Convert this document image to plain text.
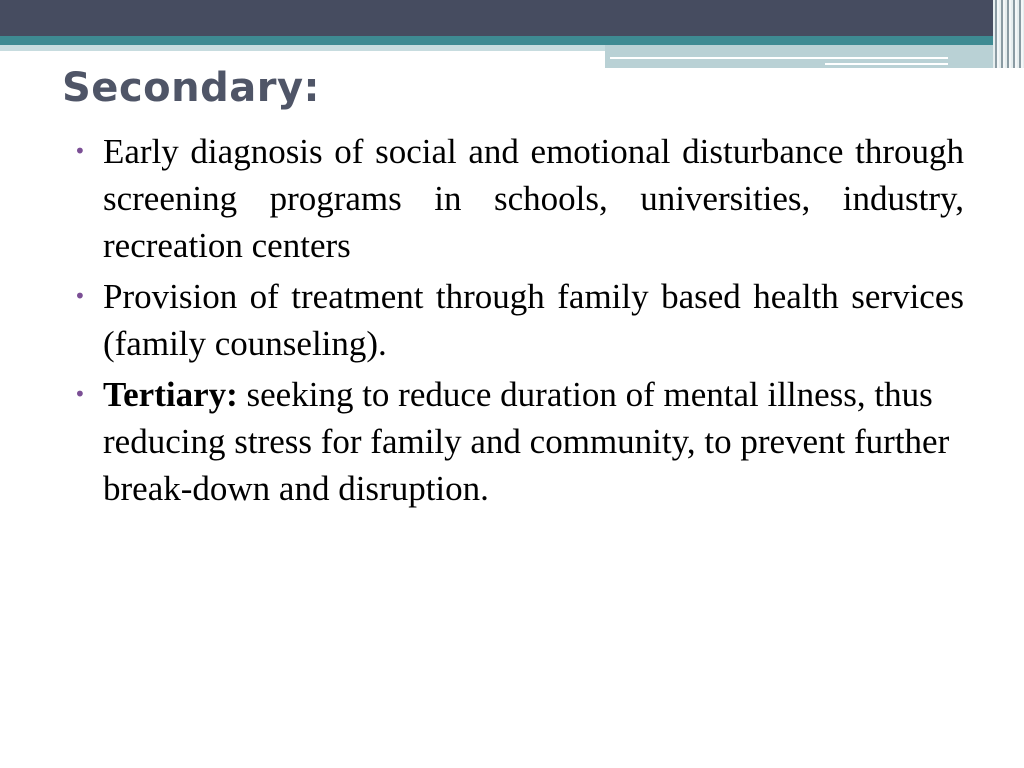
Secondary:
• Early diagnosis of social and emotional disturbance through screening programs in schools, universities, industry, recreation centers
• Provision of treatment through family based health services (family counseling).
• Tertiary: seeking to reduce duration of mental illness, thus reducing stress for family and community, to prevent further break-down and disruption.
